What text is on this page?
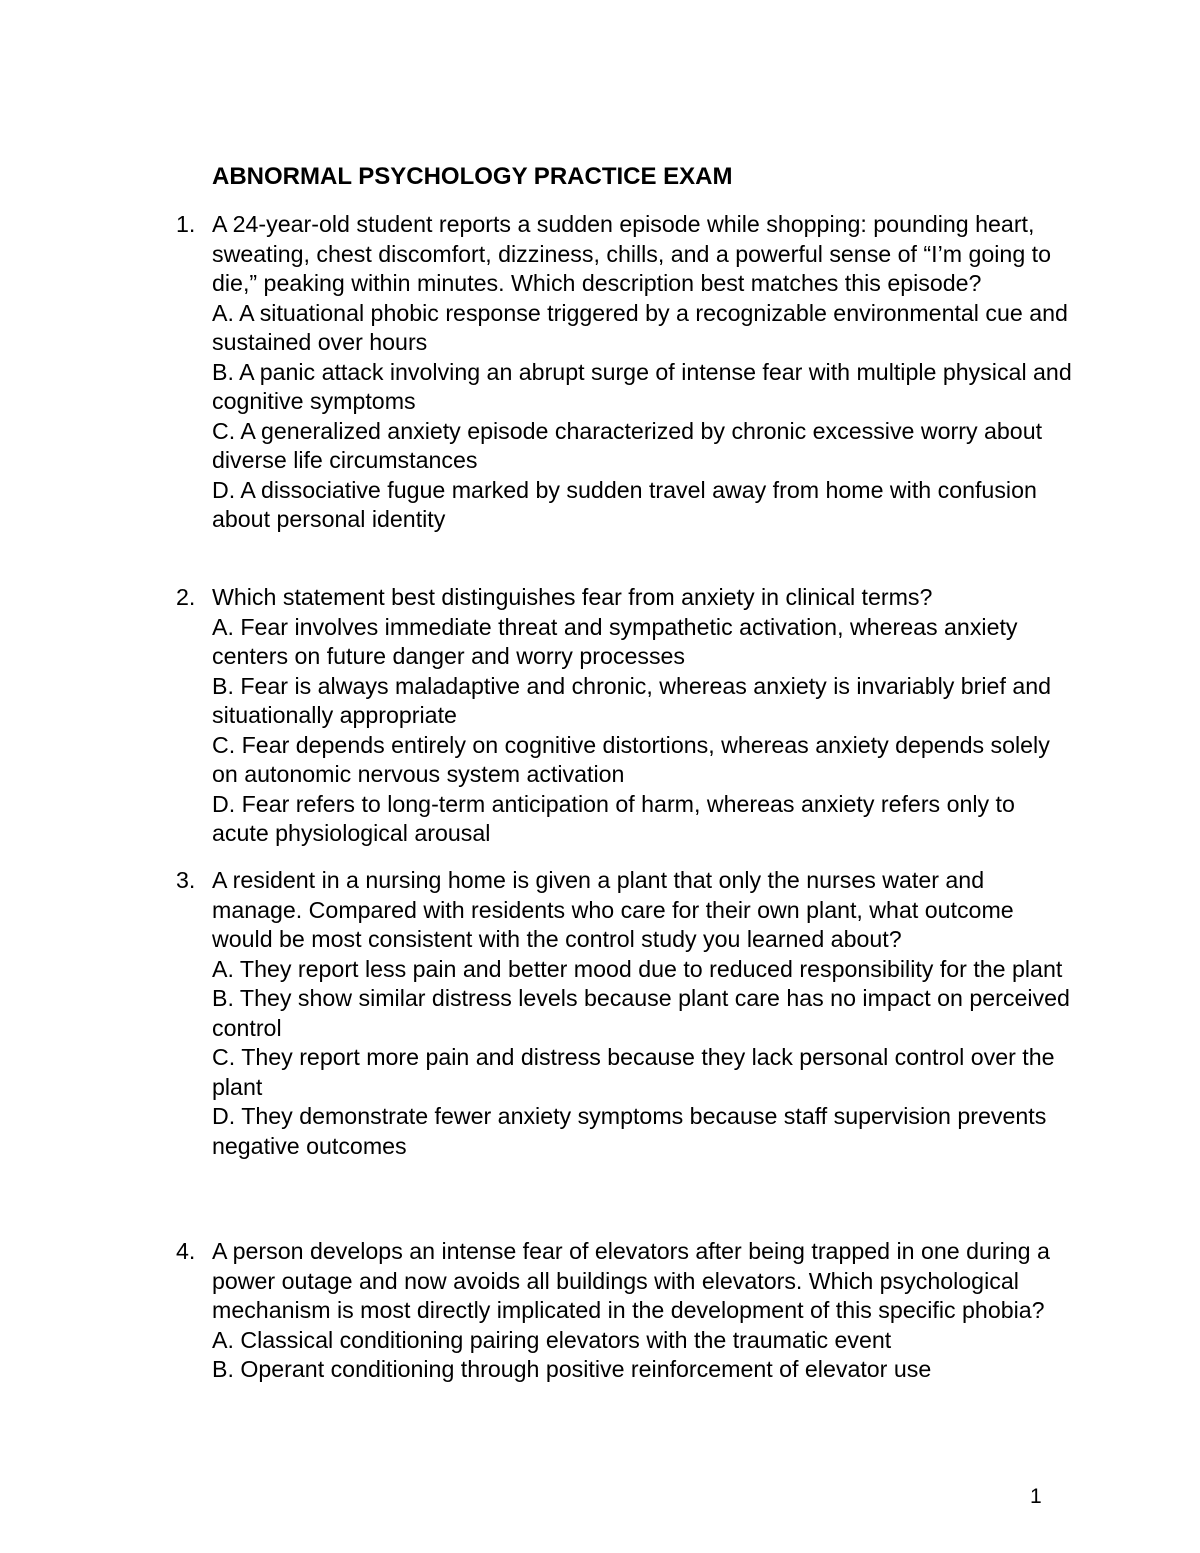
ABNORMAL PSYCHOLOGY PRACTICE EXAM
1. A 24-year-old student reports a sudden episode while shopping: pounding heart, sweating, chest discomfort, dizziness, chills, and a powerful sense of “I’m going to die,” peaking within minutes. Which description best matches this episode?
A. A situational phobic response triggered by a recognizable environmental cue and sustained over hours
B. A panic attack involving an abrupt surge of intense fear with multiple physical and cognitive symptoms
C. A generalized anxiety episode characterized by chronic excessive worry about diverse life circumstances
D. A dissociative fugue marked by sudden travel away from home with confusion about personal identity
2. Which statement best distinguishes fear from anxiety in clinical terms?
A. Fear involves immediate threat and sympathetic activation, whereas anxiety centers on future danger and worry processes
B. Fear is always maladaptive and chronic, whereas anxiety is invariably brief and situationally appropriate
C. Fear depends entirely on cognitive distortions, whereas anxiety depends solely on autonomic nervous system activation
D. Fear refers to long-term anticipation of harm, whereas anxiety refers only to acute physiological arousal
3. A resident in a nursing home is given a plant that only the nurses water and manage. Compared with residents who care for their own plant, what outcome would be most consistent with the control study you learned about?
A. They report less pain and better mood due to reduced responsibility for the plant
B. They show similar distress levels because plant care has no impact on perceived control
C. They report more pain and distress because they lack personal control over the plant
D. They demonstrate fewer anxiety symptoms because staff supervision prevents negative outcomes
4. A person develops an intense fear of elevators after being trapped in one during a power outage and now avoids all buildings with elevators. Which psychological mechanism is most directly implicated in the development of this specific phobia?
A. Classical conditioning pairing elevators with the traumatic event
B. Operant conditioning through positive reinforcement of elevator use
1
